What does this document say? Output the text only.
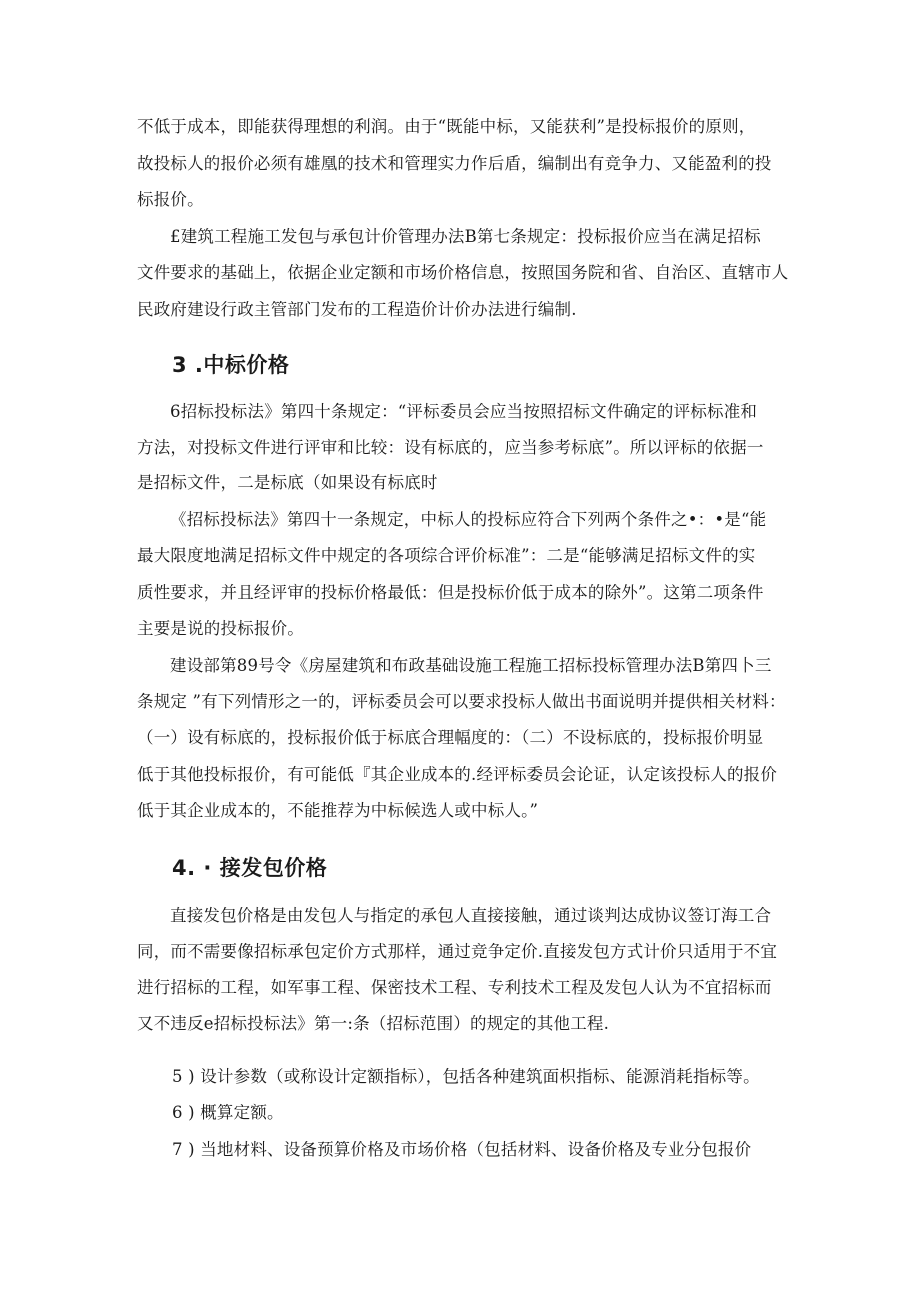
不低于成本，即能获得理想的利润。由于“既能中标，又能获利”是投标报价的原则，
故投标人的报价必须有雄凰的技术和管理实力作后盾，编制出有竞争力、又能盈利的投
标报价。
£建筑工程施工发包与承包计价管理办法B第七条规定：投标报价应当在满足招标
文件要求的基础上，依据企业定额和市场价格信息，按照国务院和省、自治区、直辖市人
民政府建设行政主管部门发布的工程造价计价办法进行编制.
3 .中标价格
6招标投标法》第四十条规定：“评标委员会应当按照招标文件确定的评标标准和
方法，对投标文件进行评审和比较：设有标底的，应当参考标底”。所以评标的依据一
是招标文件，二是标底（如果设有标底时
《招标投标法》第四十一条规定，中标人的投标应符合下列两个条件之•：•是“能
最大限度地满足招标文件中规定的各项综合评价标准”：二是“能够满足招标文件的实
质性要求，并且经评审的投标价格最低：但是投标价低于成本的除外”。这第二项条件
主要是说的投标报价。
建设部第89号令《房屋建筑和布政基础设施工程施工招标投标管理办法B第四卜三
条规定 ”有下列情形之一的，评标委员会可以要求投标人做出书面说明并提供相关材料：
（一）设有标底的，投标报价低于标底合理幅度的：（二）不设标底的，投标报价明显
低于其他投标报价，有可能低『其企业成本的.经评标委员会论证，认定该投标人的报价
低于其企业成本的，不能推荐为中标候选人或中标人。”
4. · 接发包价格
直接发包价格是由发包人与指定的承包人直接接触，通过谈判达成协议签订海工合
同，而不需要像招标承包定价方式那样，通过竞争定价.直接发包方式计价只适用于不宜
进行招标的工程，如军事工程、保密技术工程、专利技术工程及发包人认为不宜招标而
又不违反e招标投标法》第一:条（招标范围）的规定的其他工程.
5 ) 设计参数（或称设计定额指标），包括各种建筑面枳指标、能源消耗指标等。
6 ) 概算定额。
7 ) 当地材料、设备预算价格及市场价格（包括材料、设备价格及专业分包报价
